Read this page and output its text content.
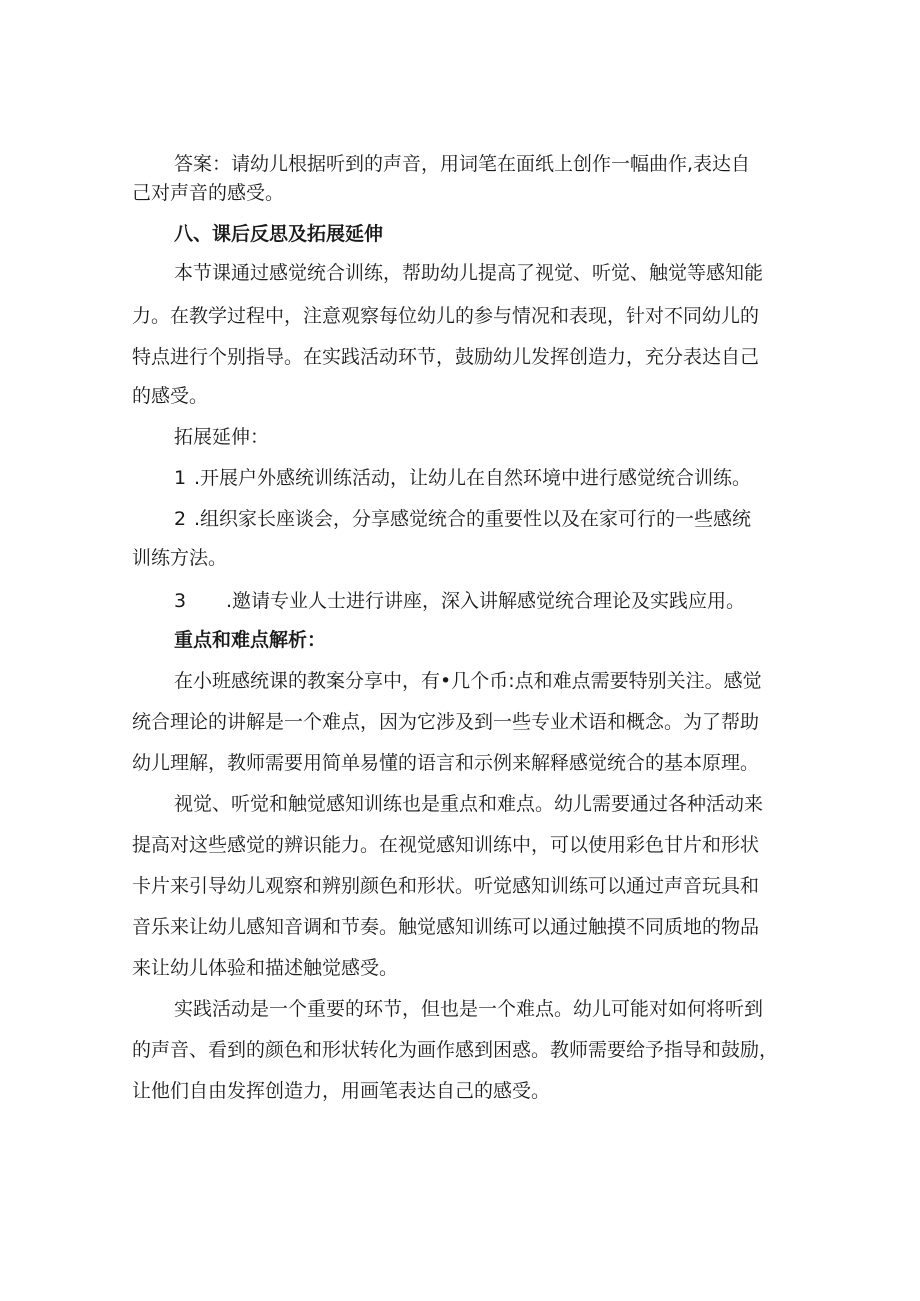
答案：请幼儿根据听到的声音，用词笔在面纸上创作一幅曲作,表达自
己对声音的感受。
八、课后反思及拓展延伸
本节课通过感觉统合训练，帮助幼儿提高了视觉、听觉、触觉等感知能
力。在教学过程中，注意观察每位幼儿的参与情况和表现，针对不同幼儿的
特点进行个别指导。在实践活动环节，鼓励幼儿发挥创造力，充分表达自己
的感受。
拓展延伸：
1 .开展户外感统训练活动，让幼儿在自然环境中进行感觉统合训练。
2 .组织家长座谈会，分享感觉统合的重要性以及在家可行的一些感统
训练方法。
3 .邀请专业人士进行讲座，深入讲解感觉统合理论及实践应用。
重点和难点解析：
在小班感统课的教案分享中，有•几个币:点和难点需要特别关注。感觉
统合理论的讲解是一个难点，因为它涉及到一些专业术语和概念。为了帮助
幼儿理解，教师需要用简单易懂的语言和示例来解释感觉统合的基本原理。
视觉、听觉和触觉感知训练也是重点和难点。幼儿需要通过各种活动来
提高对这些感觉的辨识能力。在视觉感知训练中，可以使用彩色甘片和形状
卡片来引导幼儿观察和辨别颜色和形状。听觉感知训练可以通过声音玩具和
音乐来让幼儿感知音调和节奏。触觉感知训练可以通过触摸不同质地的物品
来让幼儿体验和描述触觉感受。
实践活动是一个重要的环节，但也是一个难点。幼儿可能对如何将听到
的声音、看到的颜色和形状转化为画作感到困惑。教师需要给予指导和鼓励，
让他们自由发挥创造力，用画笔表达自己的感受。
